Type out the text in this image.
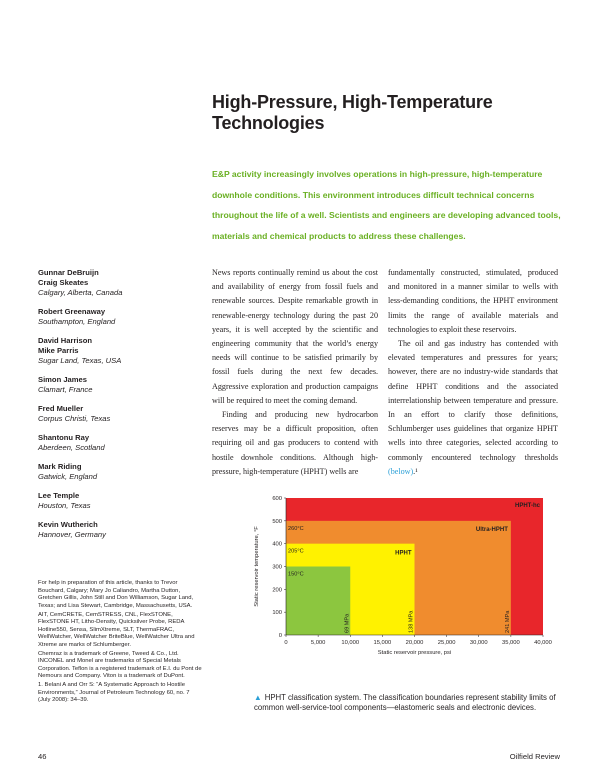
High-Pressure, High-Temperature Technologies
E&P activity increasingly involves operations in high-pressure, high-temperature downhole conditions. This environment introduces difficult technical concerns throughout the life of a well. Scientists and engineers are developing advanced tools, materials and chemical products to address these challenges.
Gunnar DeBruijn
Craig Skeates
Calgary, Alberta, Canada
Robert Greenaway
Southampton, England
David Harrison
Mike Parris
Sugar Land, Texas, USA
Simon James
Clamart, France
Fred Mueller
Corpus Christi, Texas
Shantonu Ray
Aberdeen, Scotland
Mark Riding
Gatwick, England
Lee Temple
Houston, Texas
Kevin Wutherich
Hannover, Germany

For help in preparation of this article, thanks to Trevor Bouchard, Calgary; Mary Jo Caliandro, Martha Dutton, Gretchen Gillis, John Still and Don Williamson, Sugar Land, Texas; and Lisa Stewart, Cambridge, Massachusetts, USA.

AIT, CemCRETE, CemSTRESS, CNL, FlexSTONE, FlexSTONE HT, Litho-Density, Quicksilver Probe, REDA Hotline550, Sensa, SlimXtreme, SLT, ThermaFRAC, WellWatcher, WellWatcher BriteBlue, WellWatcher Ultra and Xtreme are marks of Schlumberger.

Chemraz is a trademark of Greene, Tweed & Co., Ltd. INCONEL and Monel are trademarks of Special Metals Corporation. Teflon is a registered trademark of E.I. du Pont de Nemours and Company. Viton is a trademark of DuPont.

1. Belani A and Orr S: “A Systematic Approach to Hostile Environments,” Journal of Petroleum Technology 60, no. 7 (July 2008): 34–39.

News reports continually remind us about the cost and availability of energy from fossil fuels and renewable sources. Despite remarkable growth in renewable-energy technology during the past 20 years, it is well accepted by the scientific and engineering community that the world’s energy needs will continue to be satisfied primarily by fossil fuels during the next few decades. Aggressive exploration and production campaigns will be required to meet the coming demand.

Finding and producing new hydrocarbon reserves may be a difficult proposition, often requiring oil and gas producers to contend with hostile downhole conditions. Although high-pressure, high-temperature (HPHT) wells are

fundamentally constructed, stimulated, produced and monitored in a manner similar to wells with less-demanding conditions, the HPHT environment limits the range of available materials and technologies to exploit these reservoirs.

The oil and gas industry has contended with elevated temperatures and pressures for years; however, there are no industry-wide standards that define HPHT conditions and the associated interrelationship between temperature and pressure. In an effort to clarify those definitions, Schlumberger uses guidelines that organize HPHT wells into three categories, selected according to commonly encountered technology thresholds (below).¹

HPHT-hc
Ultra-HPHT
HPHT
150°C
205°C
260°C
69 MPa	138 MPa	241 MPa
0	5,000	10,000 15,000 20,000 25,000 30,000 35,000 40,000
0
100
200
300
400
500
600
Static reservoir pressure, psi
Static reservoir temperature, °F
▲ HPHT classification system. The classification boundaries represent stability limits of common well-service-tool components—elastomeric seals and electronic devices.
46	Oilfield Review
